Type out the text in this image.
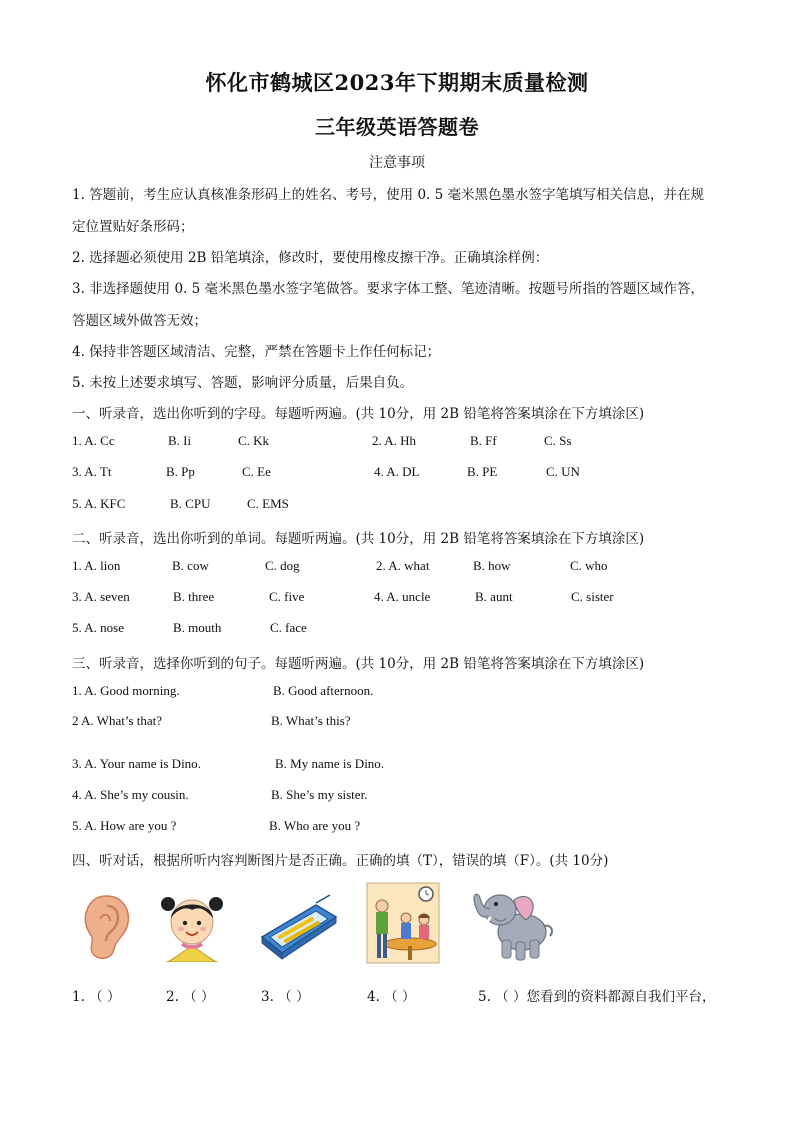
怀化市鹤城区2023年下期期末质量检测
三年级英语答题卷
注意事项
1. 答题前，考生应认真核准条形码上的姓名、考号，使用 0. 5 毫米黑色墨水签字笔填写相关信息，并在规
定位置贴好条形码；
2. 选择题必须使用 2B 铅笔填涂，修改时，要使用橡皮擦干净。正确填涂样例：
3. 非选择题使用 0. 5 毫米黑色墨水签字笔做答。要求字体工整、笔迹清晰。按题号所指的答题区域作答，
答题区域外做答无效；
4. 保持非答题区域清洁、完整，严禁在答题卡上作任何标记；
5. 未按上述要求填写、答题，影响评分质量，后果自负。
一、听录音，选出你听到的字母。每题听两遍。(共 10分，用 2B 铅笔将答案填涂在下方填涂区)
1. A. Cc	B. Ii	C. Kk	2. A. Hh	B. Ff	C. Ss
3. A. Tt	B. Pp	C. Ee	4. A. DL	B. PE	C. UN
5. A. KFC	B. CPU	C. EMS
二、听录音，选出你听到的单词。每题听两遍。(共 10分，用 2B 铅笔将答案填涂在下方填涂区)
1. A. lion	B. cow	C. dog	2. A. what	B. how	C. who
3. A. seven	B. three	C. five	4. A. uncle	B. aunt	C. sister
5. A. nose	B. mouth	C. face
三、听录音，选择你听到的句子。每题听两遍。(共 10分，用 2B 铅笔将答案填涂在下方填涂区)
1. A. Good morning.	B. Good afternoon.
2 A. What’s that?	B. What’s this?
3. A. Your name is Dino.	B. My name is Dino.
4. A. She’s my cousin.	B. She’s my sister.
5. A. How are you ?	B. Who are you ?
四、听对话，根据所听内容判断图片是否正确。正确的填（T），错误的填（F）。(共 10分)
1. （ ）	2. （ ）	3. （ ）	4. （ ）	5. （ ）您看到的资料都源自我们平台，
